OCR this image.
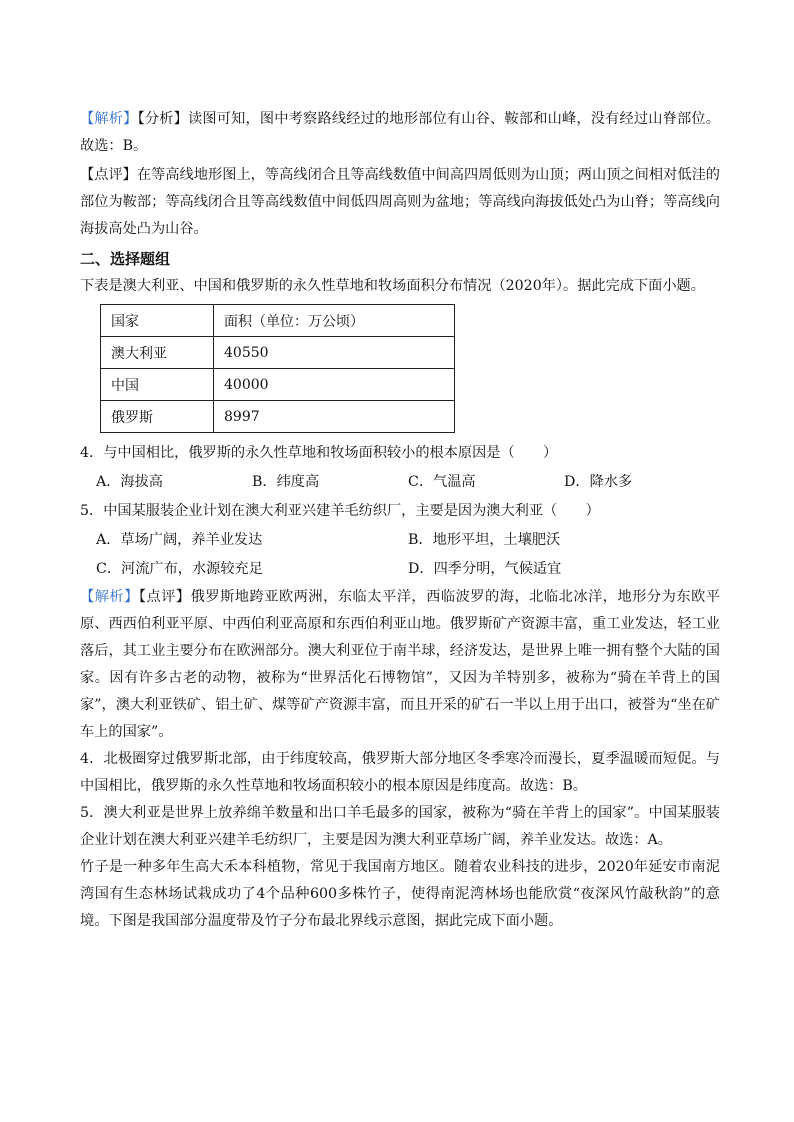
【解析】【分析】读图可知，图中考察路线经过的地形部位有山谷、鞍部和山峰，没有经过山脊部位。故选：B。

【点评】在等高线地形图上，等高线闭合且等高线数值中间高四周低则为山顶；两山顶之间相对低洼的部位为鞍部；等高线闭合且等高线数值中间低四周高则为盆地；等高线向海拔低处凸为山脊；等高线向海拔高处凸为山谷。

二、选择题组

下表是澳大利亚、中国和俄罗斯的永久性草地和牧场面积分布情况（2020年）。据此完成下面小题。

国家	面积（单位：万公顷）
澳大利亚	40550
中国	40000
俄罗斯	8997

4．与中国相比，俄罗斯的永久性草地和牧场面积较小的根本原因是（　　）

A．海拔高	B．纬度高	C．气温高	D．降水多

5．中国某服装企业计划在澳大利亚兴建羊毛纺织厂，主要是因为澳大利亚（　　）

A．草场广阔，养羊业发达	B．地形平坦，土壤肥沃
C．河流广布，水源较充足	D．四季分明，气候适宜

【解析】【点评】俄罗斯地跨亚欧两洲，东临太平洋，西临波罗的海，北临北冰洋，地形分为东欧平原、西西伯利亚平原、中西伯利亚高原和东西伯利亚山地。俄罗斯矿产资源丰富，重工业发达，轻工业落后，其工业主要分布在欧洲部分。澳大利亚位于南半球，经济发达，是世界上唯一拥有整个大陆的国家。因有许多古老的动物，被称为“世界活化石博物馆”，又因为羊特别多，被称为“骑在羊背上的国家”，澳大利亚铁矿、铝土矿、煤等矿产资源丰富，而且开采的矿石一半以上用于出口，被誉为“坐在矿车上的国家”。

4．北极圈穿过俄罗斯北部，由于纬度较高，俄罗斯大部分地区冬季寒冷而漫长，夏季温暖而短促。与中国相比，俄罗斯的永久性草地和牧场面积较小的根本原因是纬度高。故选：B。

5．澳大利亚是世界上放养绵羊数量和出口羊毛最多的国家，被称为“骑在羊背上的国家”。中国某服装企业计划在澳大利亚兴建羊毛纺织厂，主要是因为澳大利亚草场广阔，养羊业发达。故选：A。

竹子是一种多年生高大禾本科植物，常见于我国南方地区。随着农业科技的进步，2020年延安市南泥湾国有生态林场试栽成功了4个品种600多株竹子，使得南泥湾林场也能欣赏“夜深风竹敲秋韵”的意境。下图是我国部分温度带及竹子分布最北界线示意图，据此完成下面小题。
